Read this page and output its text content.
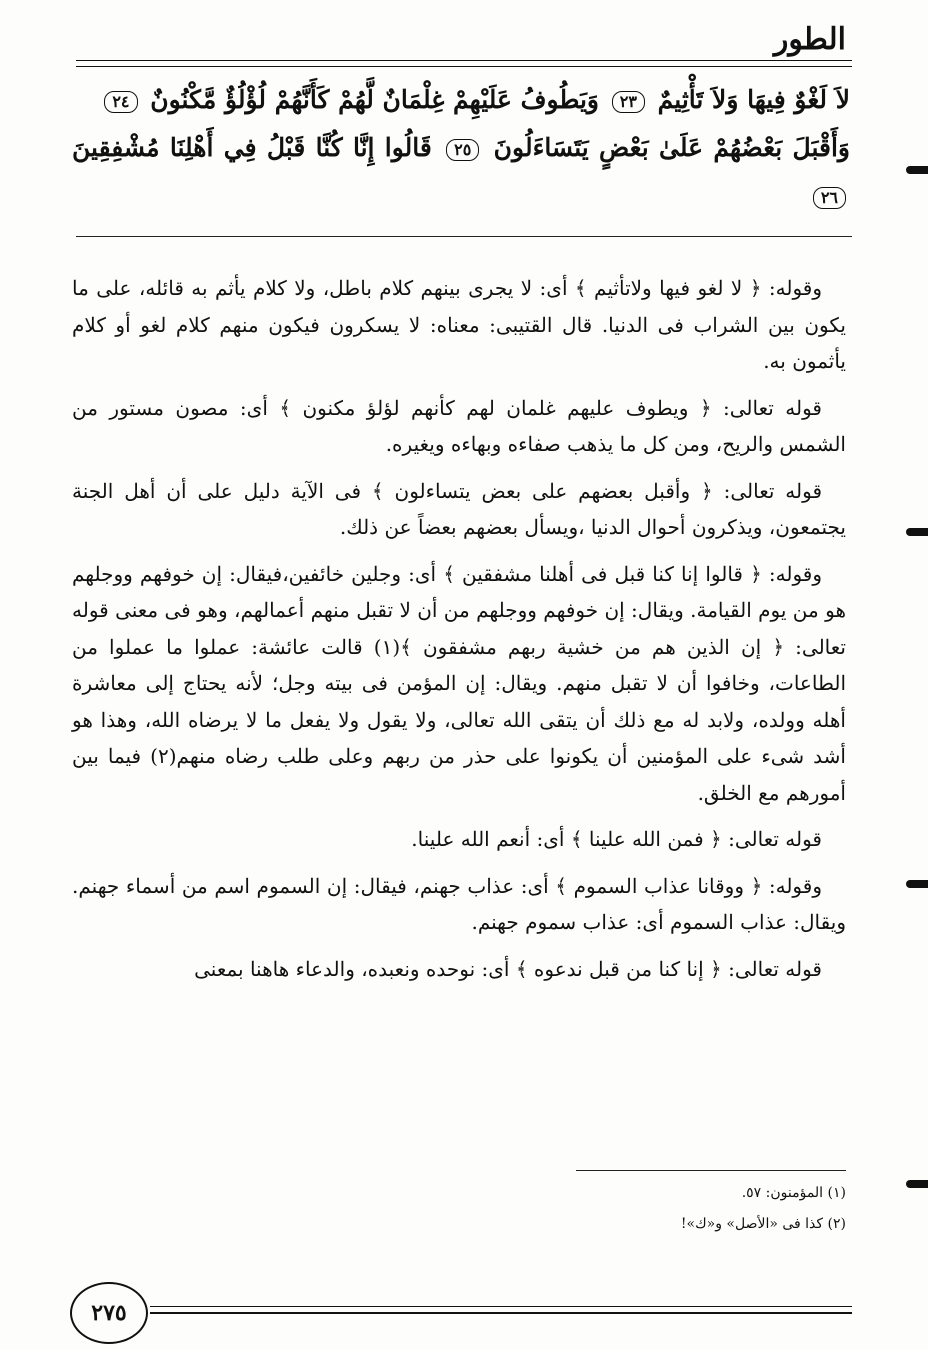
الطور
لاَ لَغْوٌ فِيهَا وَلاَ تَأْثِيمٌ ٢٣ وَيَطُوفُ عَلَيْهِمْ غِلْمَانٌ لَّهُمْ كَأَنَّهُمْ لُؤْلُؤٌ مَّكْنُونٌ ٢٤
وَأَقْبَلَ بَعْضُهُمْ عَلَىٰ بَعْضٍ يَتَسَاءَلُونَ ٢٥ قَالُوا إِنَّا كُنَّا قَبْلُ فِي أَهْلِنَا مُشْفِقِينَ ٢٦

وقوله: ﴿ لا لغو فيها ولاتأثيم ﴾ أى: لا يجرى بينهم كلام باطل، ولا كلام يأثم به قائله، على ما يكون بين الشراب فى الدنيا. قال القتيبى: معناه: لا يسكرون فيكون منهم كلام لغو أو كلام يأثمون به.

قوله تعالى: ﴿ ويطوف عليهم غلمان لهم كأنهم لؤلؤ مكنون ﴾ أى: مصون مستور من الشمس والريح، ومن كل ما يذهب صفاءه وبهاءه ويغيره.

قوله تعالى: ﴿ وأقبل بعضهم على بعض يتساءلون ﴾ فى الآية دليل على أن أهل الجنة يجتمعون، ويذكرون أحوال الدنيا ،ويسأل بعضهم بعضاً عن ذلك.

وقوله: ﴿ قالوا إنا كنا قبل فى أهلنا مشفقين ﴾ أى: وجلين خائفين،فيقال: إن خوفهم ووجلهم هو من يوم القيامة. ويقال: إن خوفهم ووجلهم من أن لا تقبل منهم أعمالهم، وهو فى معنى قوله تعالى: ﴿ إن الذين هم من خشية ربهم مشفقون ﴾(١) قالت عائشة: عملوا ما عملوا من الطاعات، وخافوا أن لا تقبل منهم. ويقال: إن المؤمن فى بيته وجل؛ لأنه يحتاج إلى معاشرة أهله وولده، ولابد له مع ذلك أن يتقى الله تعالى، ولا يقول ولا يفعل ما لا يرضاه الله، وهذا هو أشد شىء على المؤمنين أن يكونوا على حذر من ربهم وعلى طلب رضاه منهم(٢) فيما بين أمورهم مع الخلق.

قوله تعالى: ﴿ فمن الله علينا ﴾ أى: أنعم الله علينا.

وقوله: ﴿ ووقانا عذاب السموم ﴾ أى: عذاب جهنم، فيقال: إن السموم اسم من أسماء جهنم. ويقال: عذاب السموم أى: عذاب سموم جهنم.

قوله تعالى: ﴿ إنا كنا من قبل ندعوه ﴾ أى: نوحده ونعبده، والدعاء هاهنا بمعنى

(١) المؤمنون: ٥٧.
(٢) كذا فى «الأصل» و«ك»!
٢٧٥
